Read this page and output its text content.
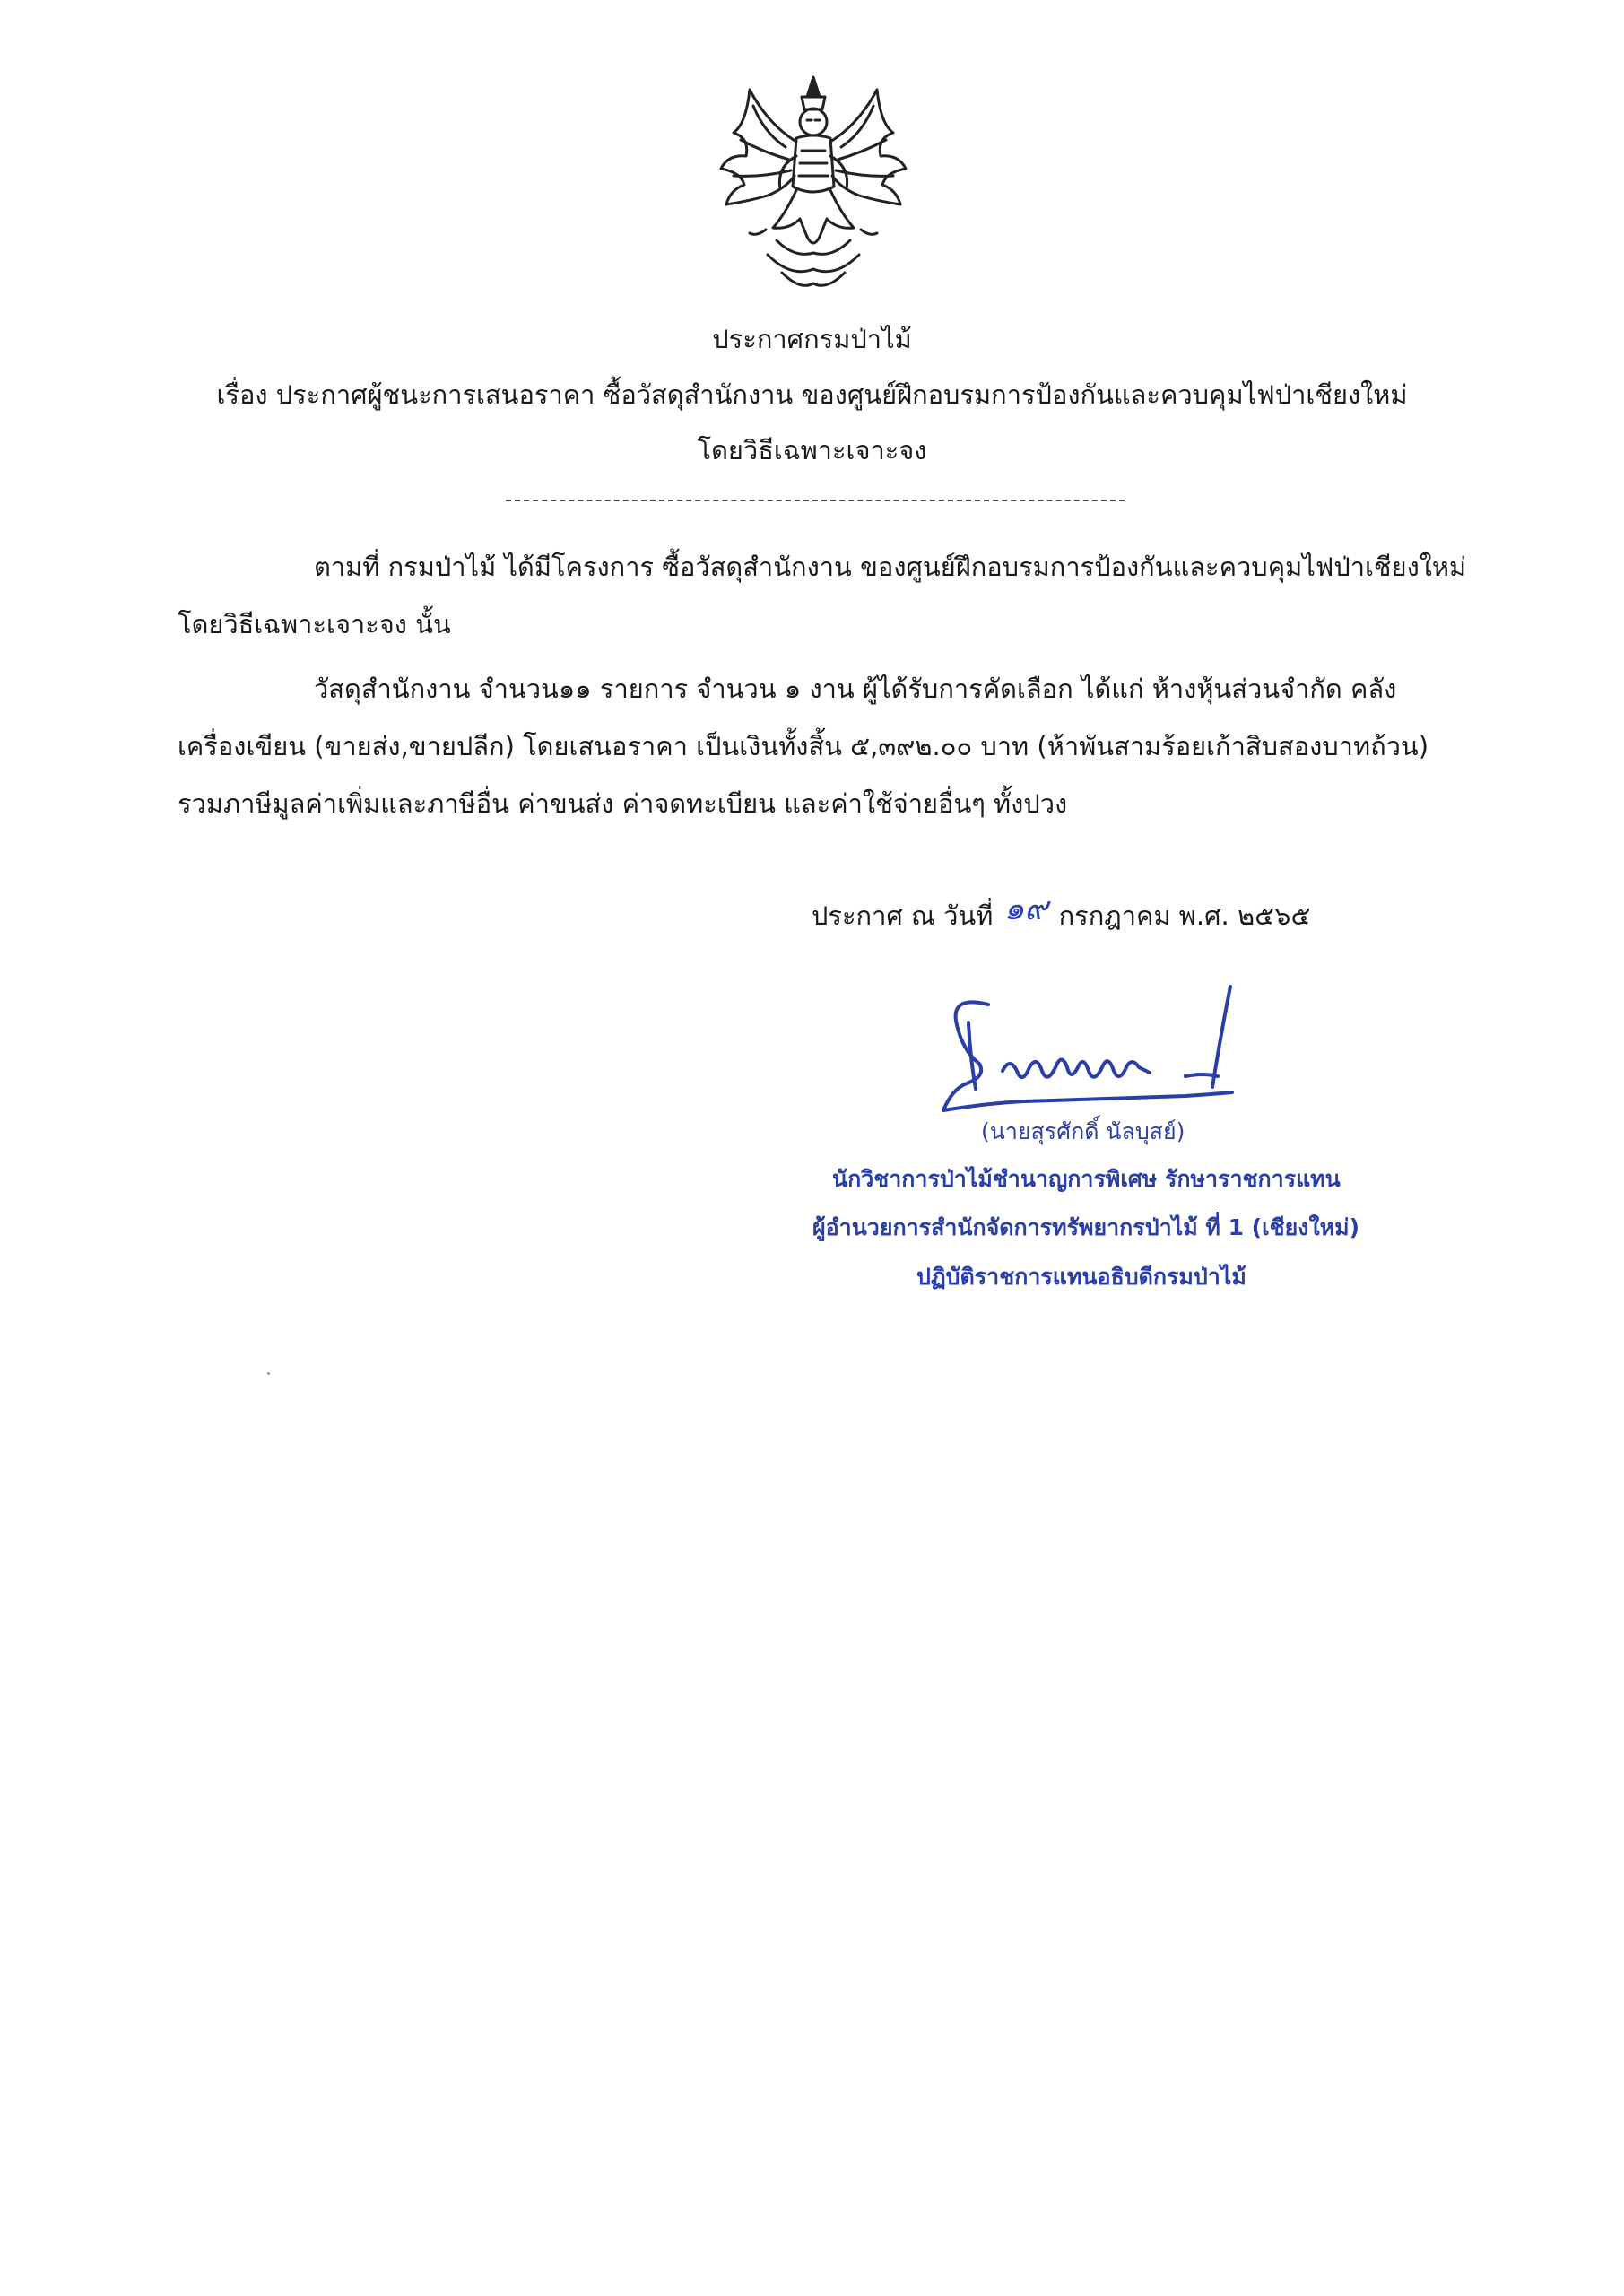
ประกาศกรมป่าไม้
เรื่อง ประกาศผู้ชนะการเสนอราคา ซื้อวัสดุสำนักงาน ของศูนย์ฝึกอบรมการป้องกันและควบคุมไฟป่าเชียงใหม่
โดยวิธีเฉพาะเจาะจง
ตามที่ กรมป่าไม้ ได้มีโครงการ ซื้อวัสดุสำนักงาน ของศูนย์ฝึกอบรมการป้องกันและควบคุมไฟป่าเชียงใหม่
โดยวิธีเฉพาะเจาะจง นั้น
วัสดุสำนักงาน จำนวน๑๑ รายการ จำนวน ๑ งาน ผู้ได้รับการคัดเลือก ได้แก่ ห้างหุ้นส่วนจำกัด คลัง
เครื่องเขียน (ขายส่ง,ขายปลีก) โดยเสนอราคา เป็นเงินทั้งสิ้น ๕,๓๙๒.๐๐ บาท (ห้าพันสามร้อยเก้าสิบสองบาทถ้วน)
รวมภาษีมูลค่าเพิ่มและภาษีอื่น ค่าขนส่ง ค่าจดทะเบียน และค่าใช้จ่ายอื่นๆ ทั้งปวง
ประกาศ ณ วันที่ ๑๙ กรกฎาคม พ.ศ. ๒๕๖๕
(นายสุรศักดิ์ นัลบุสย์)
นักวิชาการป่าไม้ชำนาญการพิเศษ รักษาราชการแทน
ผู้อำนวยการสำนักจัดการทรัพยากรป่าไม้ ที่ 1 (เชียงใหม่)
ปฏิบัติราชการแทนอธิบดีกรมป่าไม้
